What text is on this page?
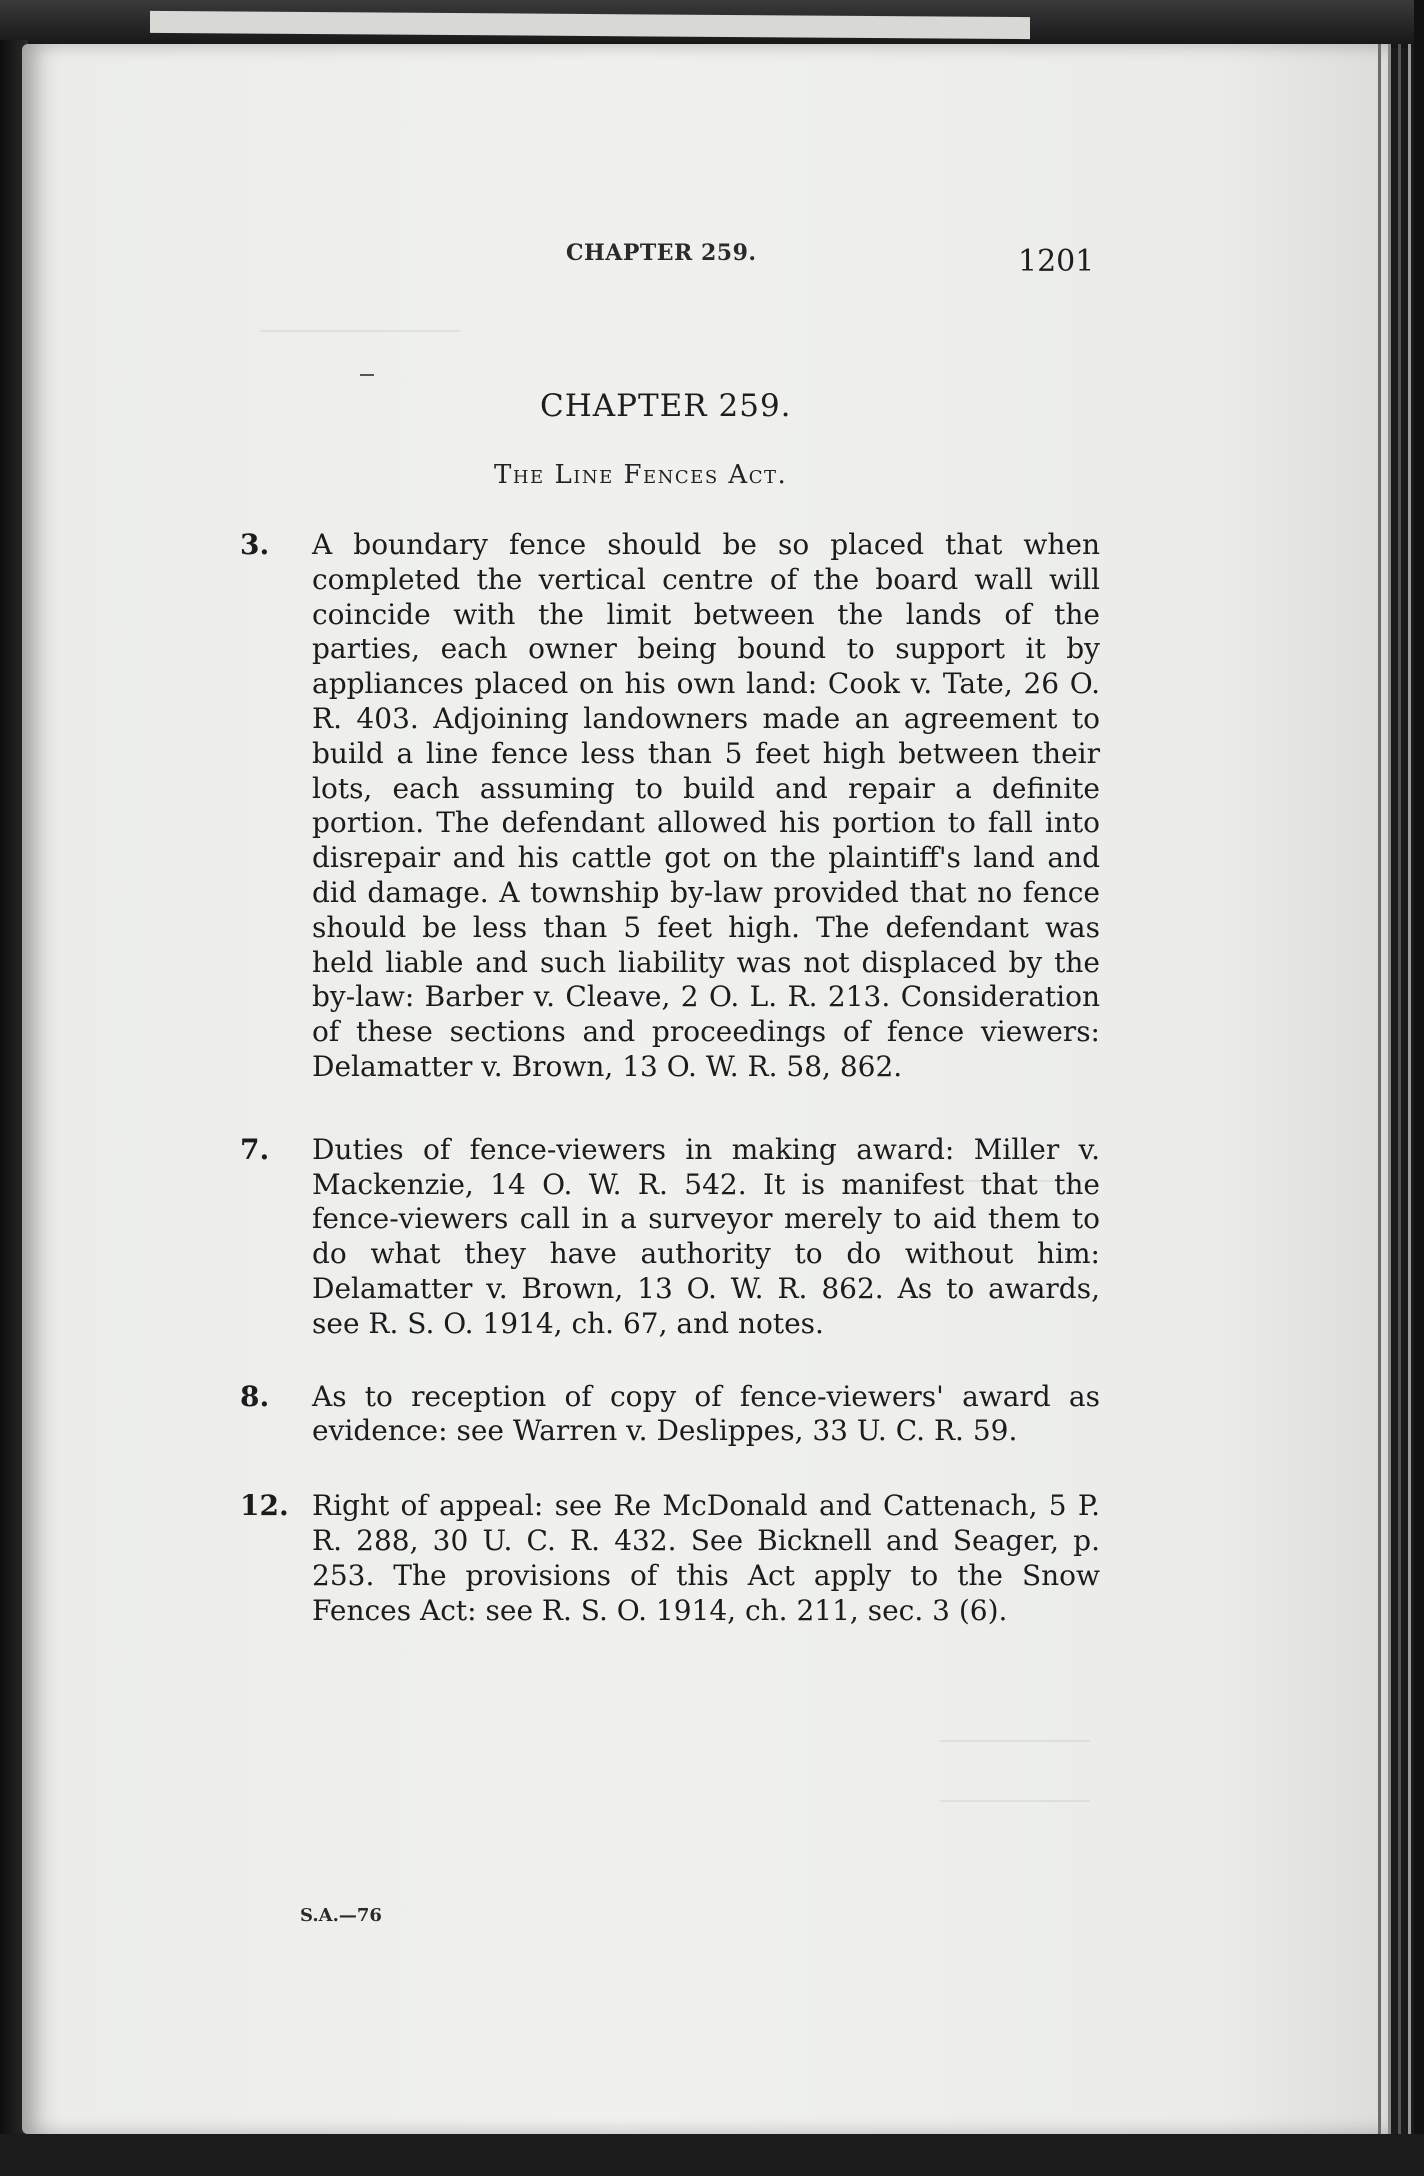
CHAPTER 259.	1201

CHAPTER 259.
The Line Fences Act.
3. A boundary fence should be so placed that when completed the vertical centre of the board wall will coincide with the limit between the lands of the parties, each owner being bound to support it by appliances placed on his own land: Cook v. Tate, 26 O. R. 403. Adjoining landowners made an agreement to build a line fence less than 5 feet high between their lots, each assuming to build and repair a definite portion. The defendant allowed his portion to fall into disrepair and his cattle got on the plaintiff's land and did damage. A township by-law provided that no fence should be less than 5 feet high. The defendant was held liable and such liability was not displaced by the by-law: Barber v. Cleave, 2 O. L. R. 213. Consideration of these sections and proceedings of fence viewers: Delamatter v. Brown, 13 O. W. R. 58, 862.
7. Duties of fence-viewers in making award: Miller v. Mackenzie, 14 O. W. R. 542. It is manifest that the fence-viewers call in a surveyor merely to aid them to do what they have authority to do without him: Delamatter v. Brown, 13 O. W. R. 862. As to awards, see R. S. O. 1914, ch. 67, and notes.
8. As to reception of copy of fence-viewers' award as evidence: see Warren v. Deslippes, 33 U. C. R. 59.
12. Right of appeal: see Re McDonald and Cattenach, 5 P. R. 288, 30 U. C. R. 432. See Bicknell and Seager, p. 253. The provisions of this Act apply to the Snow Fences Act: see R. S. O. 1914, ch. 211, sec. 3 (6).

S.A.—76
